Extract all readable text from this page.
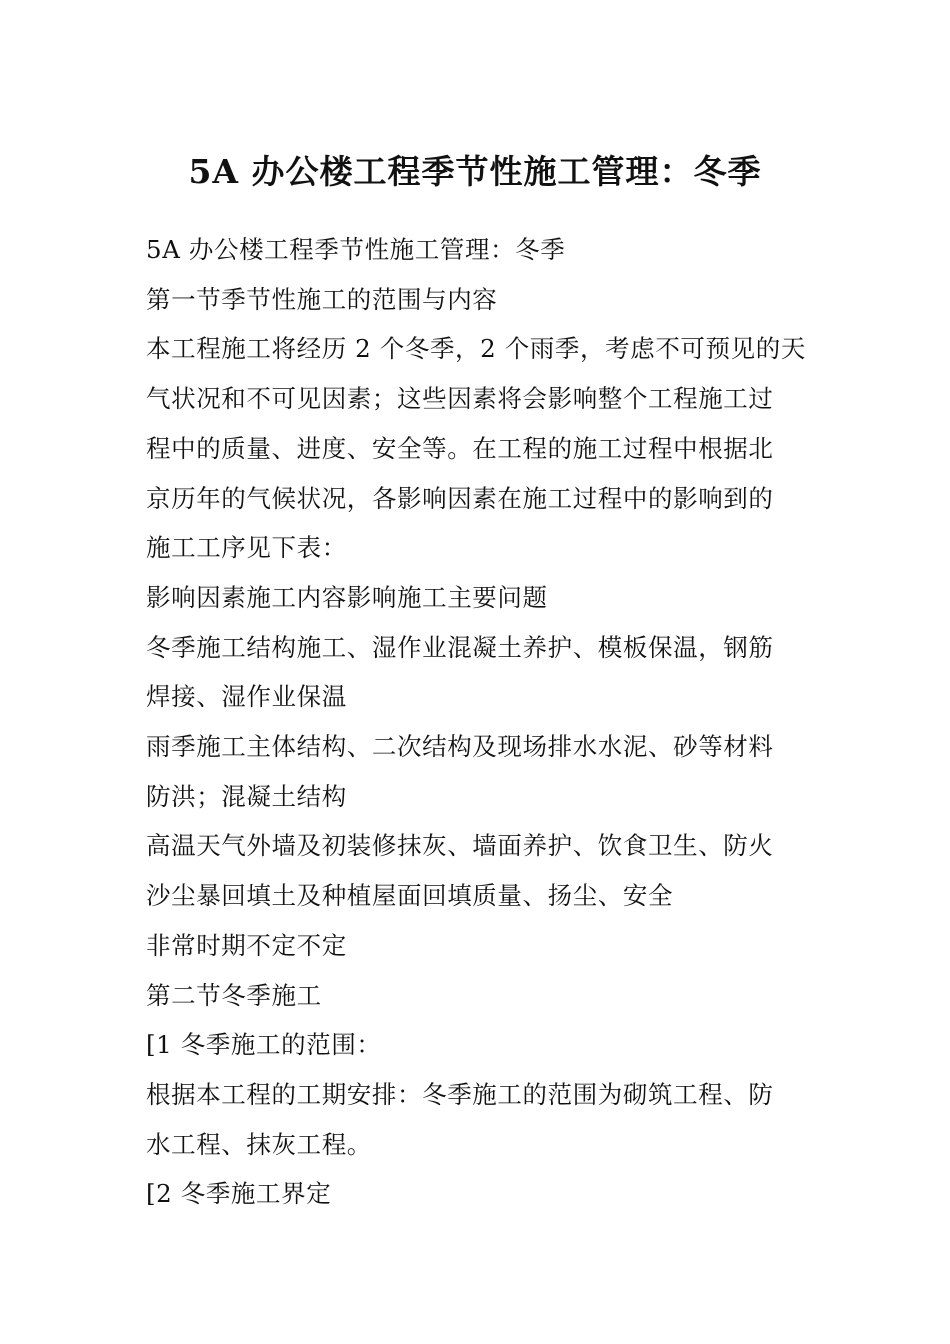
5A 办公楼工程季节性施工管理：冬季

5A 办公楼工程季节性施工管理：冬季

第一节季节性施工的范围与内容

本工程施工将经历 2 个冬季，2 个雨季，考虑不可预见的天

气状况和不可见因素；这些因素将会影响整个工程施工过

程中的质量、进度、安全等。在工程的施工过程中根据北

京历年的气候状况，各影响因素在施工过程中的影响到的

施工工序见下表：

影响因素施工内容影响施工主要问题

冬季施工结构施工、湿作业混凝土养护、模板保温，钢筋

焊接、湿作业保温

雨季施工主体结构、二次结构及现场排水水泥、砂等材料

防洪；混凝土结构

高温天气外墙及初装修抹灰、墙面养护、饮食卫生、防火

沙尘暴回填土及种植屋面回填质量、扬尘、安全

非常时期不定不定

第二节冬季施工

[1 冬季施工的范围：

根据本工程的工期安排：冬季施工的范围为砌筑工程、防

水工程、抹灰工程。

[2 冬季施工界定
